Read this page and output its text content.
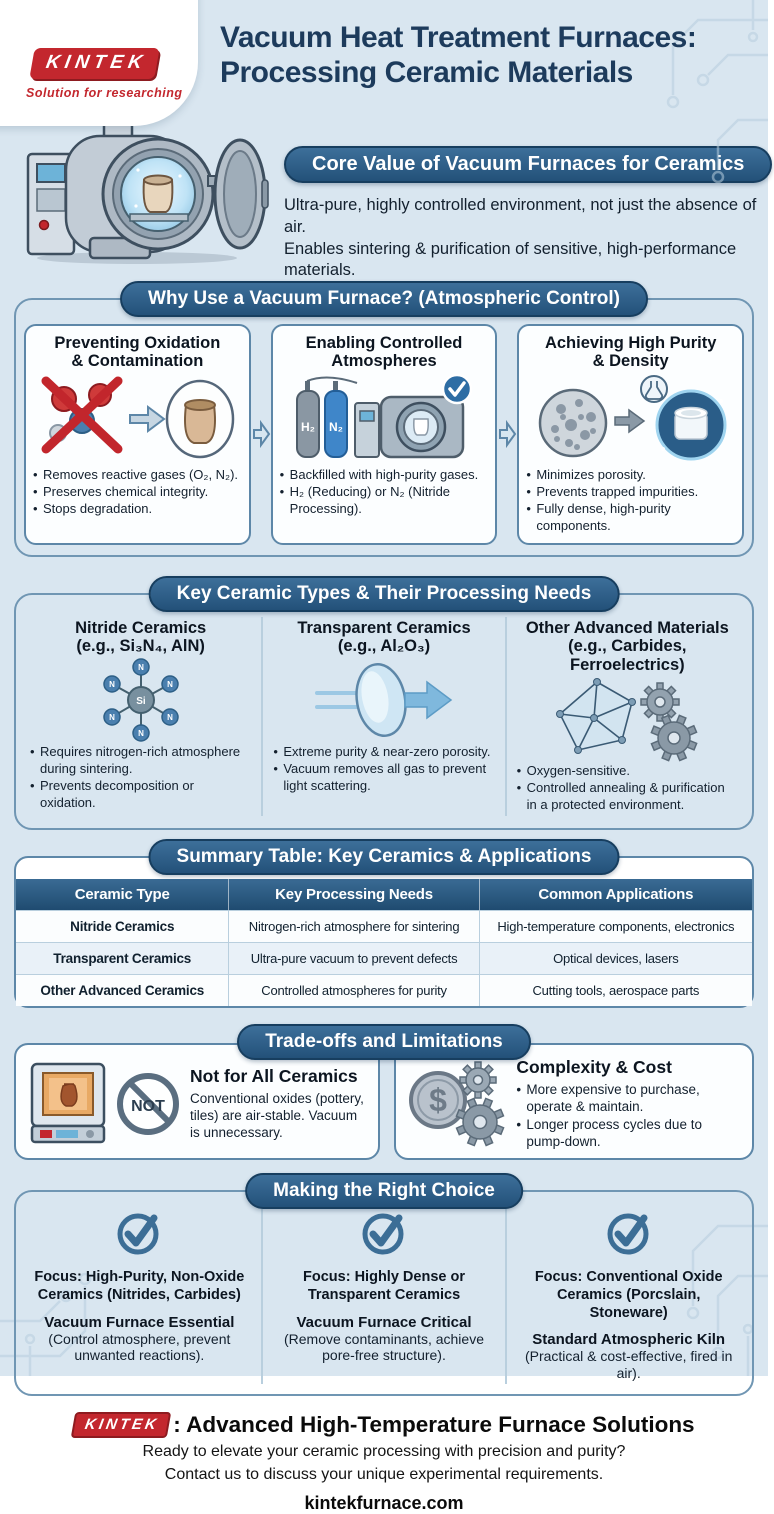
KINTEK
)
Solution for researching
Vacuum Heat Treatment Furnaces:
Processing Ceramic Materials
Core Value of Vacuum Furnaces for Ceramics
Ultra-pure, highly controlled environment, not just the absence of air.
Enables sintering & purification of sensitive, high-performance materials.
Why Use a Vacuum Furnace? (Atmospheric Control)
Preventing Oxidation
& Contamination
• Removes reactive gases (O₂, N₂).
• Preserves chemical integrity.
• Stops degradation.
Enabling Controlled
Atmospheres
H₂ N₂
• Backfilled with high-purity gases.
• H₂ (Reducing) or N₂ (Nitride Processing).
Achieving High Purity
& Density
• Minimizes porosity.
• Prevents trapped impurities.
• Fully dense, high-purity components.
Key Ceramic Types & Their Processing Needs
Nitride Ceramics
(e.g., Si₃N₄, AlN)
Si
N
N
N
N
N
N
• Requires nitrogen-rich atmosphere during sintering.
• Prevents decomposition or oxidation.
Transparent Ceramics
(e.g., Al₂O₃)
• Extreme purity & near-zero porosity.
• Vacuum removes all gas to prevent light scattering.
Other Advanced Materials
(e.g., Carbides, Ferroelectrics)
• Oxygen-sensitive.
• Controlled annealing & purification in a protected environment.
Summary Table: Key Ceramics & Applications
Ceramic Type	Key Processing Needs	Common Applications
Nitride Ceramics	Nitrogen-rich atmosphere for sintering	High-temperature components, electronics
Transparent Ceramics	Ultra-pure vacuum to prevent defects	Optical devices, lasers
Other Advanced Ceramics	Controlled atmospheres for purity	Cutting tools, aerospace parts
Trade-offs and Limitations
NOT
Not for All Ceramics
Conventional oxides (pottery, tiles) are air-stable. Vacuum is unnecessary.
$
Complexity & Cost
• More expensive to purchase, operate & maintain.
• Longer process cycles due to pump-down.
Making the Right Choice
Focus: High-Purity, Non-Oxide Ceramics (Nitrides, Carbides)
Vacuum Furnace Essential
(Control atmosphere, prevent unwanted reactions).
Focus: Highly Dense or Transparent Ceramics
Vacuum Furnace Critical
(Remove contaminants, achieve pore-free structure).
Focus: Conventional Oxide Ceramics (Porcslain, Stoneware)
Standard Atmospheric Kiln
(Practical & cost-effective, fired in air).
KINTEK : Advanced High-Temperature Furnace Solutions
Ready to elevate your ceramic processing with precision and purity?
Contact us to discuss your unique experimental requirements.
kintekfurnace.com
